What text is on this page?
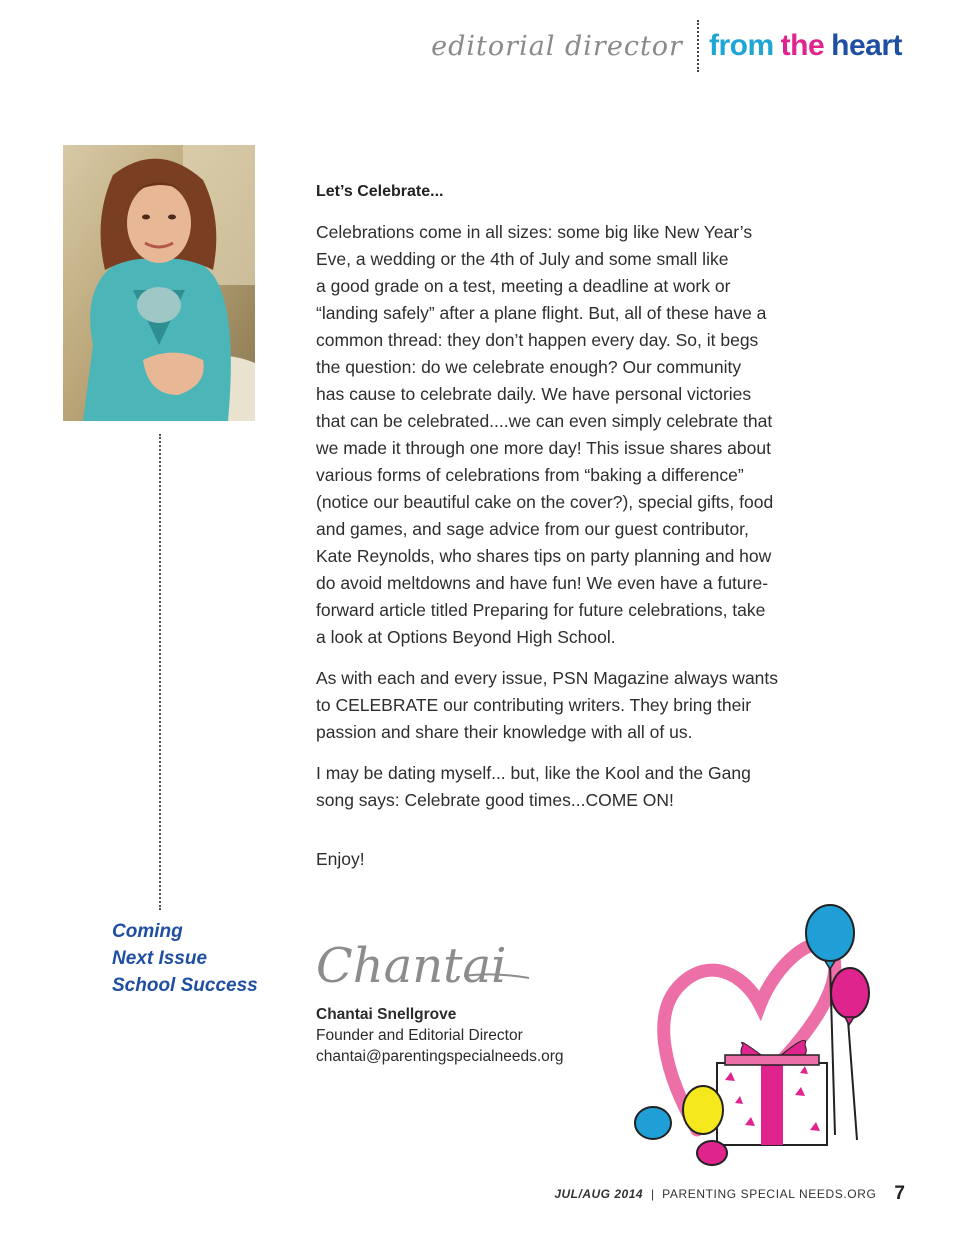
editorial director from the heart
Coming
Next Issue
School Success

Let’s Celebrate...

Celebrations come in all sizes: some big like New Year’s
Eve, a wedding or the 4th of July and some small like
a good grade on a test, meeting a deadline at work or
“landing safely” after a plane flight. But, all of these have a
common thread: they don’t happen every day. So, it begs
the question: do we celebrate enough? Our community
has cause to celebrate daily. We have personal victories
that can be celebrated....we can even simply celebrate that
we made it through one more day! This issue shares about
various forms of celebrations from “baking a difference”
(notice our beautiful cake on the cover?), special gifts, food
and games, and sage advice from our guest contributor,
Kate Reynolds, who shares tips on party planning and how
do avoid meltdowns and have fun! We even have a future-
forward article titled Preparing for future celebrations, take
a look at Options Beyond High School.

As with each and every issue, PSN Magazine always wants
to CELEBRATE our contributing writers. They bring their
passion and share their knowledge with all of us.

I may be dating myself... but, like the Kool and the Gang
song says: Celebrate good times...COME ON!

Enjoy!

Chantai
Chantai Snellgrove
Founder and Editorial Director
chantai@parentingspecialneeds.org
JUL/AUG 2014 | PARENTING SPECIAL NEEDS.ORG 7
